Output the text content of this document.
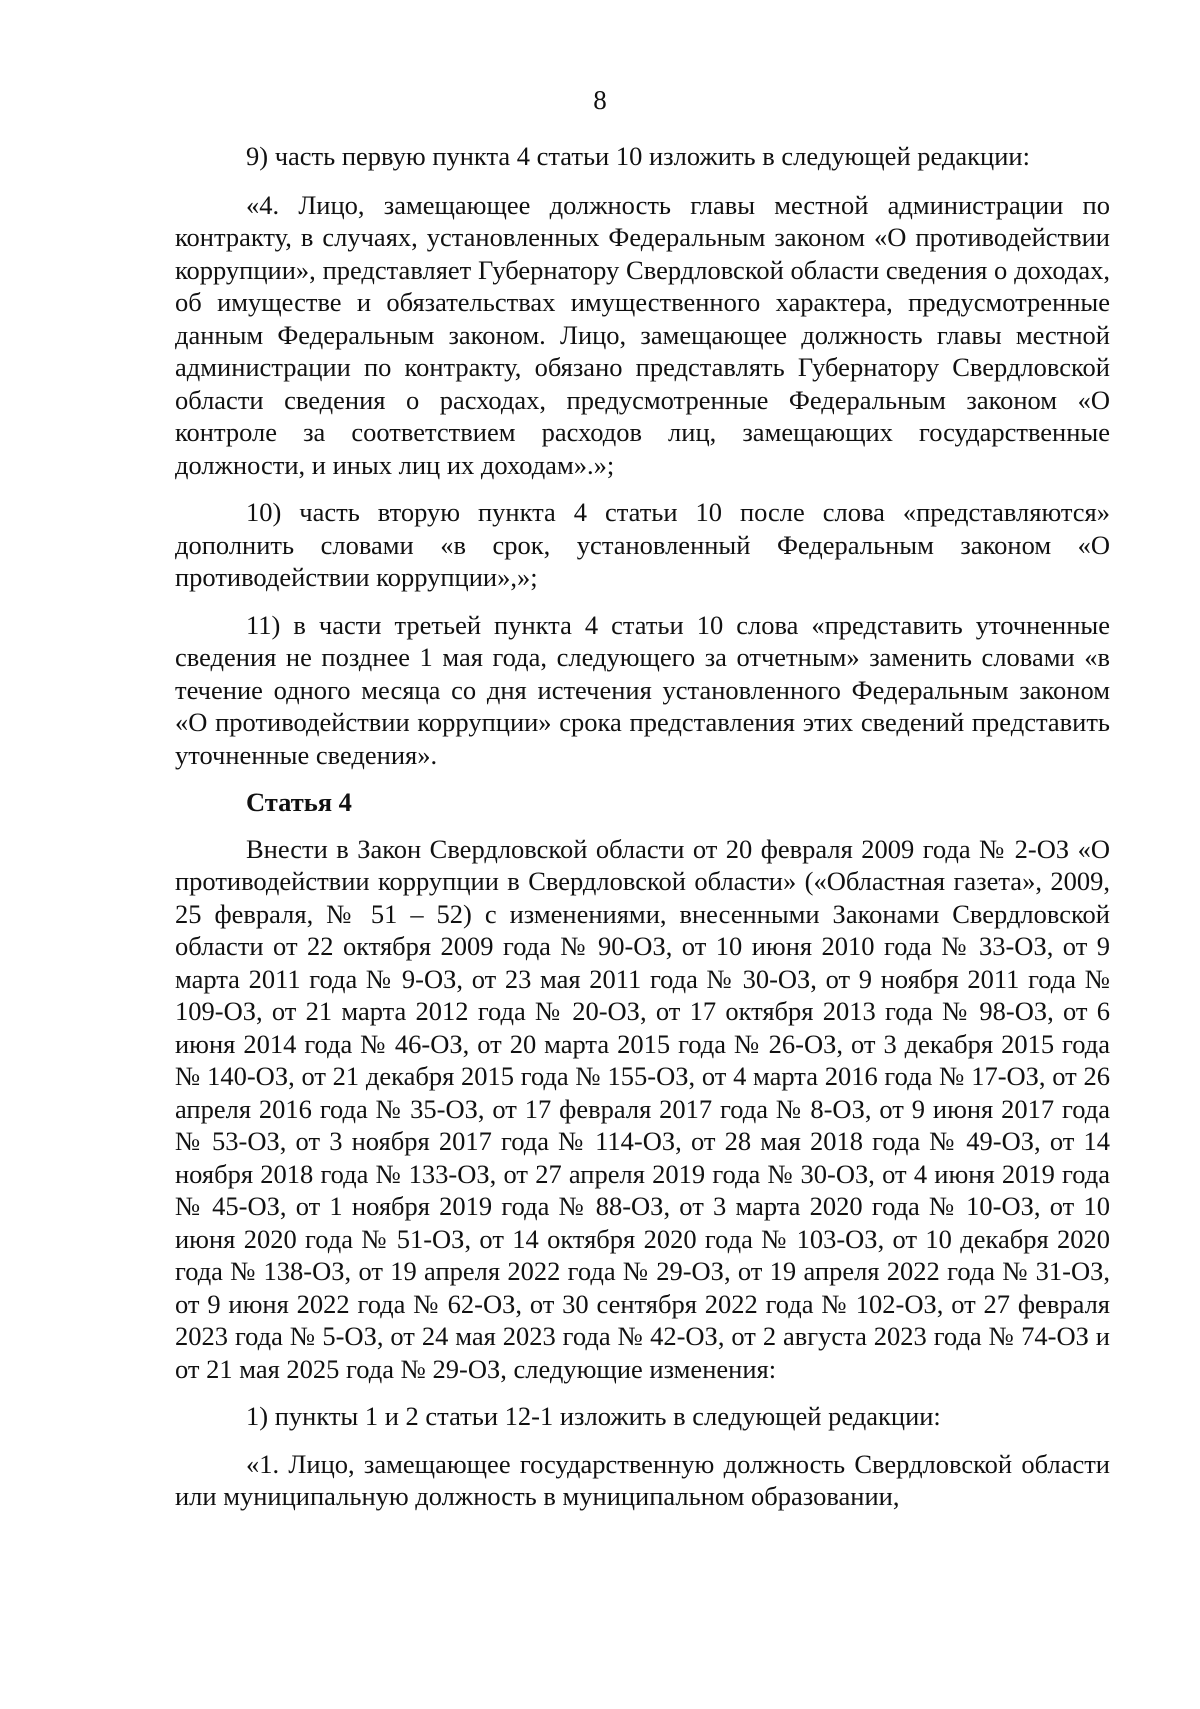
8

9) часть первую пункта 4 статьи 10 изложить в следующей редакции:

«4. Лицо, замещающее должность главы местной администрации по контракту, в случаях, установленных Федеральным законом «О противодействии коррупции», представляет Губернатору Свердловской области сведения о доходах, об имуществе и обязательствах имущественного характера, предусмотренные данным Федеральным законом. Лицо, замещающее должность главы местной администрации по контракту, обязано представлять Губернатору Свердловской области сведения о расходах, предусмотренные Федеральным законом «О контроле за соответствием расходов лиц, замещающих государственные должности, и иных лиц их доходам».»;

10) часть вторую пункта 4 статьи 10 после слова «представляются» дополнить словами «в срок, установленный Федеральным законом «О противодействии коррупции»,»;

11) в части третьей пункта 4 статьи 10 слова «представить уточненные сведения не позднее 1 мая года, следующего за отчетным» заменить словами «в течение одного месяца со дня истечения установленного Федеральным законом «О противодействии коррупции» срока представления этих сведений представить уточненные сведения».

Статья 4

Внести в Закон Свердловской области от 20 февраля 2009 года № 2-ОЗ «О противодействии коррупции в Свердловской области» («Областная газета», 2009, 25 февраля, № 51 – 52) с изменениями, внесенными Законами Свердловской области от 22 октября 2009 года № 90-ОЗ, от 10 июня 2010 года № 33-ОЗ, от 9 марта 2011 года № 9-ОЗ, от 23 мая 2011 года № 30-ОЗ, от 9 ноября 2011 года № 109-ОЗ, от 21 марта 2012 года № 20-ОЗ, от 17 октября 2013 года № 98-ОЗ, от 6 июня 2014 года № 46-ОЗ, от 20 марта 2015 года № 26-ОЗ, от 3 декабря 2015 года № 140-ОЗ, от 21 декабря 2015 года № 155-ОЗ, от 4 марта 2016 года № 17-ОЗ, от 26 апреля 2016 года № 35-ОЗ, от 17 февраля 2017 года № 8-ОЗ, от 9 июня 2017 года № 53-ОЗ, от 3 ноября 2017 года № 114-ОЗ, от 28 мая 2018 года № 49-ОЗ, от 14 ноября 2018 года № 133-ОЗ, от 27 апреля 2019 года № 30-ОЗ, от 4 июня 2019 года № 45-ОЗ, от 1 ноября 2019 года № 88-ОЗ, от 3 марта 2020 года № 10-ОЗ, от 10 июня 2020 года № 51-ОЗ, от 14 октября 2020 года № 103-ОЗ, от 10 декабря 2020 года № 138-ОЗ, от 19 апреля 2022 года № 29-ОЗ, от 19 апреля 2022 года № 31-ОЗ, от 9 июня 2022 года № 62-ОЗ, от 30 сентября 2022 года № 102-ОЗ, от 27 февраля 2023 года № 5-ОЗ, от 24 мая 2023 года № 42-ОЗ, от 2 августа 2023 года № 74-ОЗ и от 21 мая 2025 года № 29-ОЗ, следующие изменения:

1) пункты 1 и 2 статьи 12-1 изложить в следующей редакции:

«1. Лицо, замещающее государственную должность Свердловской области или муниципальную должность в муниципальном образовании,
